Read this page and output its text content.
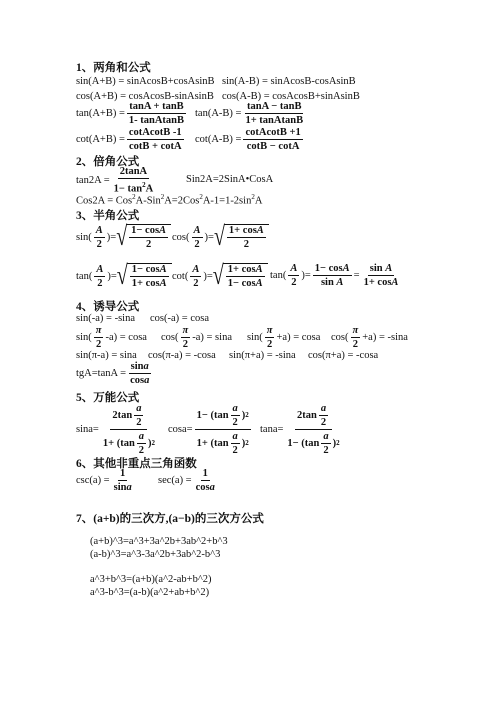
1、两角和公式
sin(A+B) = sinAcosB+cosAsinB sin(A-B) = sinAcosB-cosAsinB
cos(A+B) = cosAcosB-sinAsinB cos(A-B) = cosAcosB+sinAsinB
$\tan(A+B) = \frac{\tan A + \tan B}{\text{1- tanAtanB}} \tan(A-B) = \frac{\tan A - \tan B}{\text{1+ tanAtanB}}$
$\cot(A+B) = \frac{\text{cotAcotB -1}}{\cot B + \cot A} \cot(A-B) = \frac{\text{cotAcotB +1}}{\cot B - \cot A}$
2、倍角公式
$\tan 2A = \frac{2\tan A}{1- \tan^2A}$	Sin2A=2SinA•CosA
$Cos2A = Cos^2A-Sin^2A=2Cos^2A-1=1-2\sin^2A$
3、半角公式
$\sin( \frac{A}{2}$ )= √ $\frac{1- \cos A}{2} \cos( \frac{A}{2}$ )= √ $\frac{1+ \cos A}{2}$
$\tan( \frac{A}{2}$ )= √ $\frac{1- \cos A}{1+ \cos A} \cot( \frac{A}{2}$ )= √ $\frac{1+ \cos A}{1- \cos A} \tan( \frac{A}{2}$ )= $\frac{1- \cos A}{\text{sin A}} = \frac{\text{sin A}}{1+ \cos A}$
4、诱导公式
sin(-a) = -sina cos(-a) = cosa
$\sin( \frac{\pi}{2} -a) = \cos a$ $\cos( \frac{\pi}{2} -a) = \sin a$ $\sin( \frac{\pi}{2} +a) = \cos a$ $\cos( \frac{\pi}{2} +a) = -\sin a$
sin(π-a) = sina cos(π-a) = -cosa sin(π+a) = -sina cos(π+a) = -cosa
$tgA=\tan A = \frac{\sin a}{\cos a}$
5、万能公式
$\sin a= \frac{2\tan \frac{a}{2}}{1+ (\tan \frac{a}{2} ) 2} \cos a= \frac{1- (\tan \frac{a}{2} ) 2}{1+ (\tan \frac{a}{2} ) 2} \tan a= \frac{2\tan \frac{a}{2}}{1- (\tan \frac{a}{2} ) 2}$
6、其他非重点三角函数
$\csc(a) = \frac{1}{\sin a} \sec(a) = \frac{1}{\cos a}$
7、(a+b)的三次方,(a−b)的三次方公式
(a+b)^3=a^3+3a^2b+3ab^2+b^3
(a-b)^3=a^3-3a^2b+3ab^2-b^3
a^3+b^3=(a+b)(a^2-ab+b^2)
a^3-b^3=(a-b)(a^2+ab+b^2)
